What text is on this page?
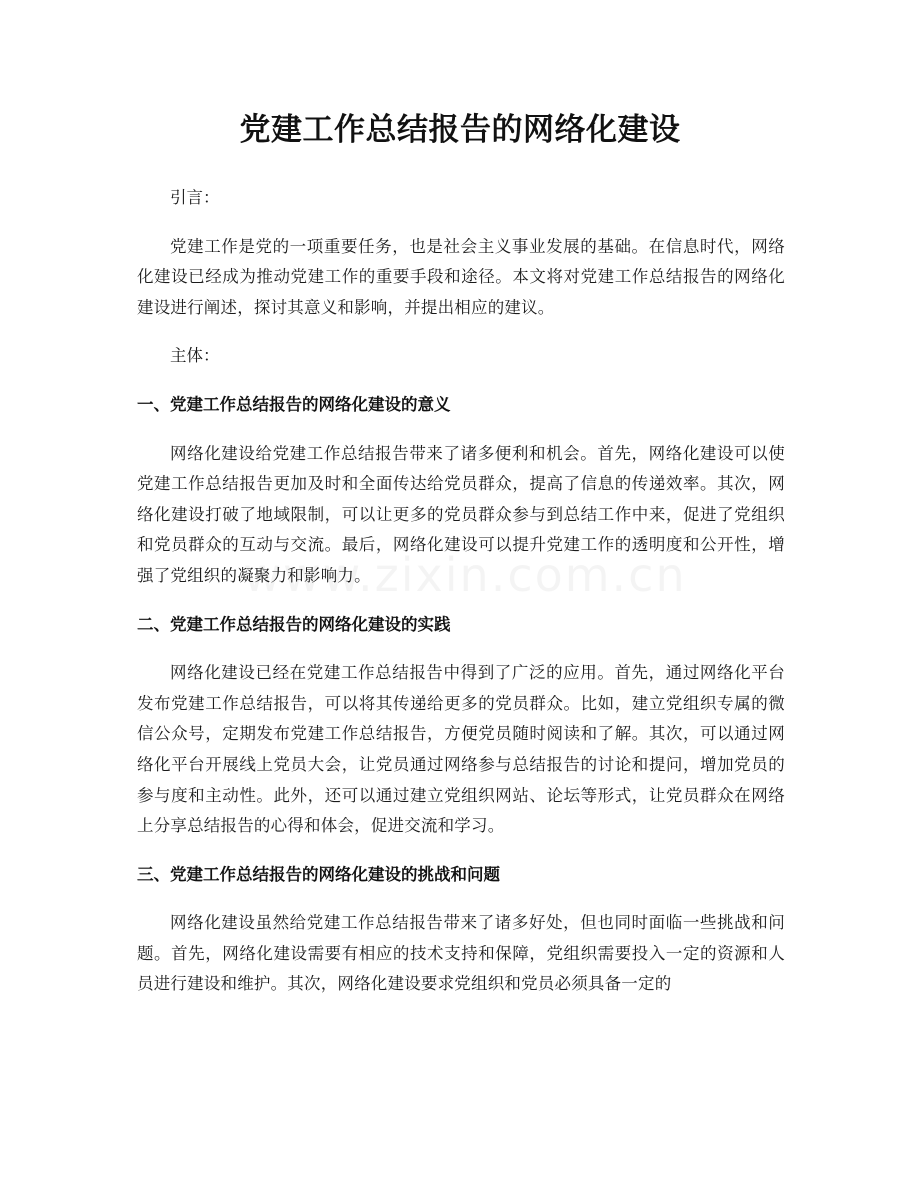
党建工作总结报告的网络化建设

引言：

党建工作是党的一项重要任务，也是社会主义事业发展的基础。在信息时代，网络化建设已经成为推动党建工作的重要手段和途径。本文将对党建工作总结报告的网络化建设进行阐述，探讨其意义和影响，并提出相应的建议。

主体：

一、党建工作总结报告的网络化建设的意义

网络化建设给党建工作总结报告带来了诸多便利和机会。首先，网络化建设可以使党建工作总结报告更加及时和全面传达给党员群众，提高了信息的传递效率。其次，网络化建设打破了地域限制，可以让更多的党员群众参与到总结工作中来，促进了党组织和党员群众的互动与交流。最后，网络化建设可以提升党建工作的透明度和公开性，增强了党组织的凝聚力和影响力。

二、党建工作总结报告的网络化建设的实践

网络化建设已经在党建工作总结报告中得到了广泛的应用。首先，通过网络化平台发布党建工作总结报告，可以将其传递给更多的党员群众。比如，建立党组织专属的微信公众号，定期发布党建工作总结报告，方便党员随时阅读和了解。其次，可以通过网络化平台开展线上党员大会，让党员通过网络参与总结报告的讨论和提问，增加党员的参与度和主动性。此外，还可以通过建立党组织网站、论坛等形式，让党员群众在网络上分享总结报告的心得和体会，促进交流和学习。

三、党建工作总结报告的网络化建设的挑战和问题

网络化建设虽然给党建工作总结报告带来了诸多好处，但也同时面临一些挑战和问题。首先，网络化建设需要有相应的技术支持和保障，党组织需要投入一定的资源和人员进行建设和维护。其次，网络化建设要求党组织和党员必须具备一定的
